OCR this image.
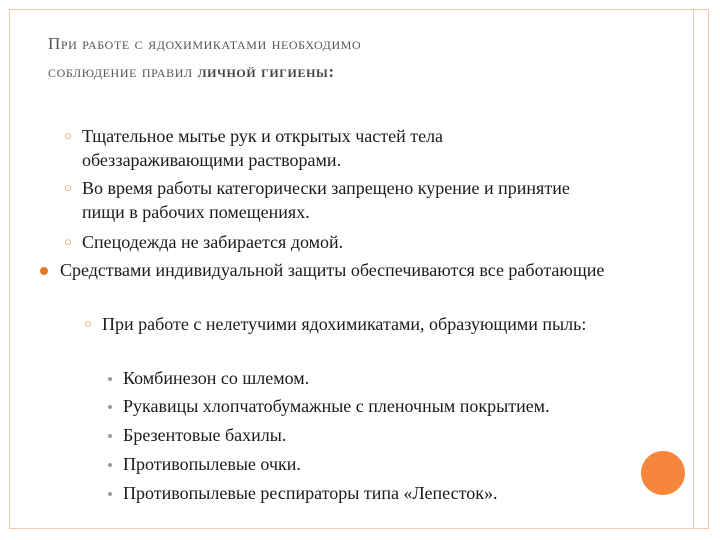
При работе с ядохимикатами необходимо
соблюдение правил личной гигиены:
○ Тщательное мытье рук и открытых частей тела обеззараживающими растворами.
○ Во время работы категорически запрещено курение и принятие пищи в рабочих помещениях.
○ Спецодежда не забирается домой.
Средствами индивидуальной защиты обеспечиваются все работающие
○ При работе с нелетучими ядохимикатами, образующими пыль:
Комбинезон со шлемом.
Рукавицы хлопчатобумажные с пленочным покрытием.
Брезентовые бахилы.
Противопылевые очки.
Противопылевые респираторы типа «Лепесток».
